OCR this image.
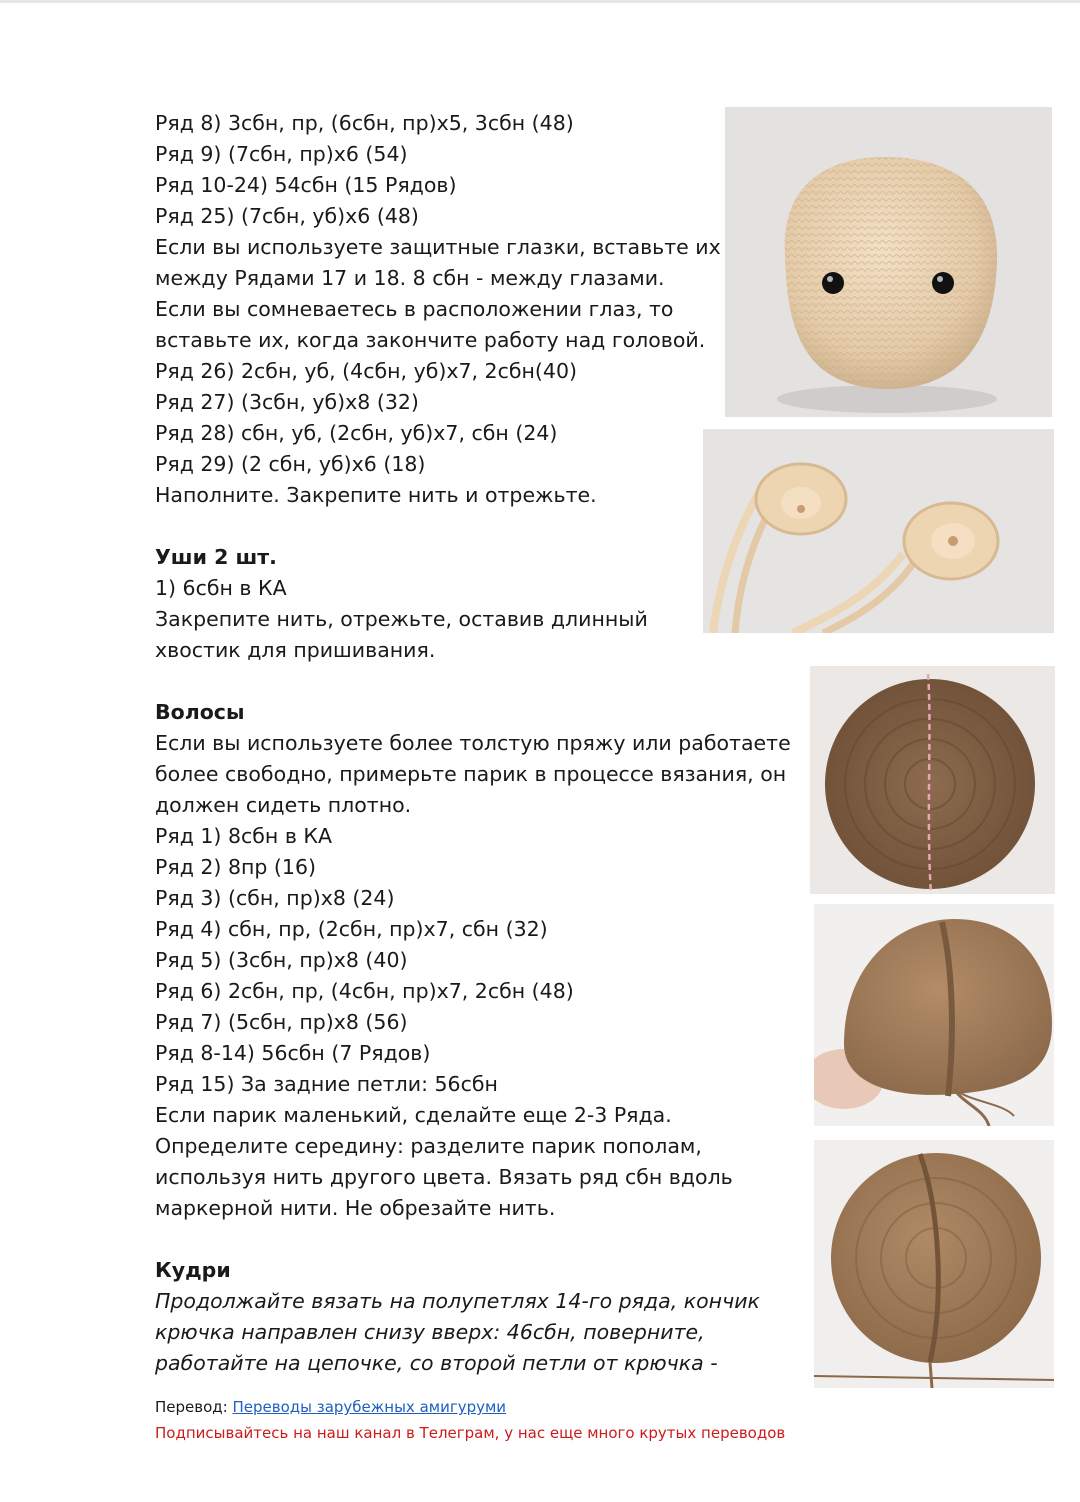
Ряд 8) 3сбн, пр, (6сбн, пр)x5, 3сбн (48)
Ряд 9) (7сбн, пр)x6 (54)
Ряд 10-24) 54сбн (15 Рядов)
Ряд 25) (7сбн, уб)x6 (48)
Если вы используете защитные глазки, вставьте их
между Рядами 17 и 18. 8 сбн - между глазами.
Если вы сомневаетесь в расположении глаз, то
вставьте их, когда закончите работу над головой.
Ряд 26) 2сбн, уб, (4сбн, уб)x7, 2сбн(40)
Ряд 27) (3сбн, уб)x8 (32)
Ряд 28) сбн, уб, (2сбн, уб)x7, сбн (24)
Ряд 29) (2 сбн, уб)x6 (18)
Наполните. Закрепите нить и отрежьте.
Уши 2 шт.
1) 6сбн в КА
Закрепите нить, отрежьте, оставив длинный
хвостик для пришивания.
Волосы
Если вы используете более толстую пряжу или работаете
более свободно, примерьте парик в процессе вязания, он
должен сидеть плотно.
Ряд 1) 8сбн в КА
Ряд 2) 8пр (16)
Ряд 3) (сбн, пр)x8 (24)
Ряд 4) сбн, пр, (2сбн, пр)x7, сбн (32)
Ряд 5) (3сбн, пр)x8 (40)
Ряд 6) 2сбн, пр, (4сбн, пр)x7, 2сбн (48)
Ряд 7) (5сбн, пр)x8 (56)
Ряд 8-14) 56сбн (7 Рядов)
Ряд 15) За задние петли: 56сбн
Если парик маленький, сделайте еще 2-3 Ряда.
Определите середину: разделите парик пополам,
используя нить другого цвета. Вязать ряд сбн вдоль
маркерной нити. Не обрезайте нить.
Кудри
Продолжайте вязать на полупетлях 14-го ряда, кончик
крючка направлен снизу вверх: 46сбн, поверните,
работайте на цепочке, со второй петли от крючка -
Перевод: Переводы зарубежных амигуруми
Подписывайтесь на наш канал в Телеграм, у нас еще много крутых переводов
